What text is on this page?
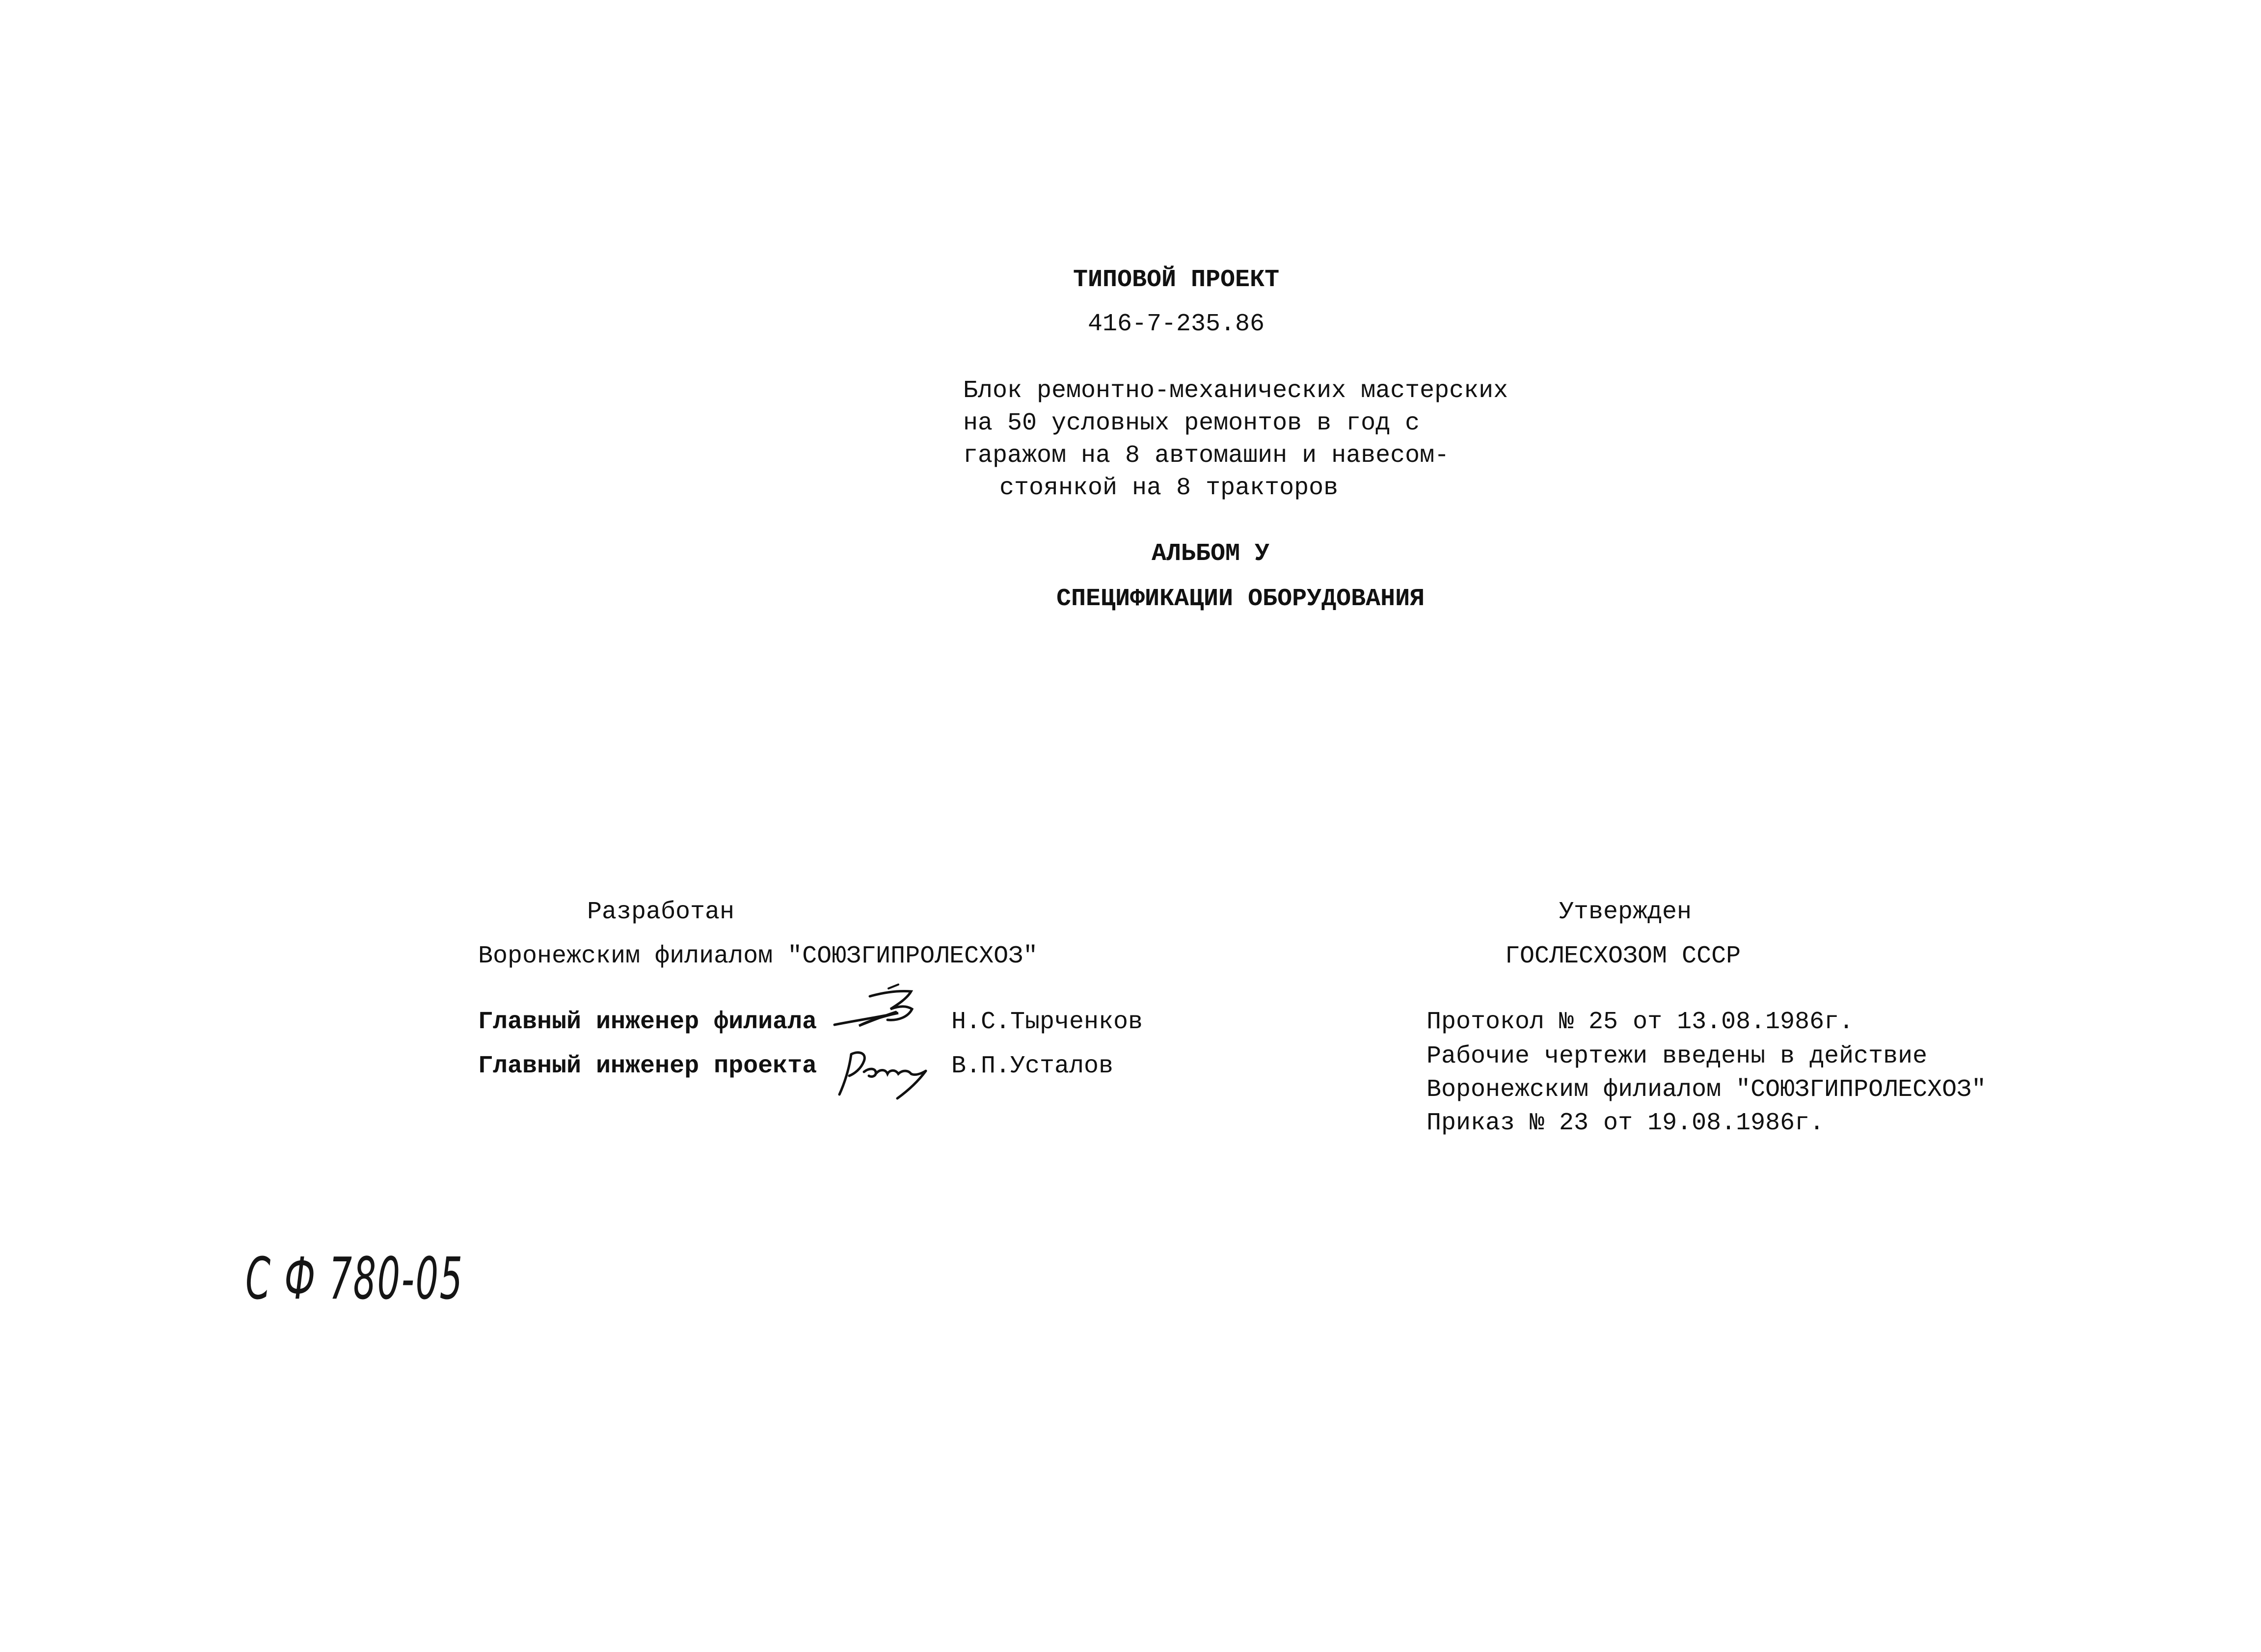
ТИПОВОЙ ПРОЕКТ
416-7-235.86
Блок ремонтно-механических мастерских
на 50 условных ремонтов в год с
гаражом на 8 автомашин и навесом-
стоянкой на 8 тракторов
АЛЬБОМ У
СПЕЦИФИКАЦИИ ОБОРУДОВАНИЯ
Разработан
Воронежским филиалом "СОЮЗГИПРОЛЕСХОЗ"
Главный инженер филиала	Н.С.Тырченков
Главный инженер проекта	В.П.Усталов
Утвержден
ГОСЛЕСХОЗОМ СССР
Протокол № 25 от 13.08.1986г.
Рабочие чертежи введены в действие
Воронежским филиалом "СОЮЗГИПРОЛЕСХОЗ"
Приказ № 23 от 19.08.1986г.
С Ф 780-05
